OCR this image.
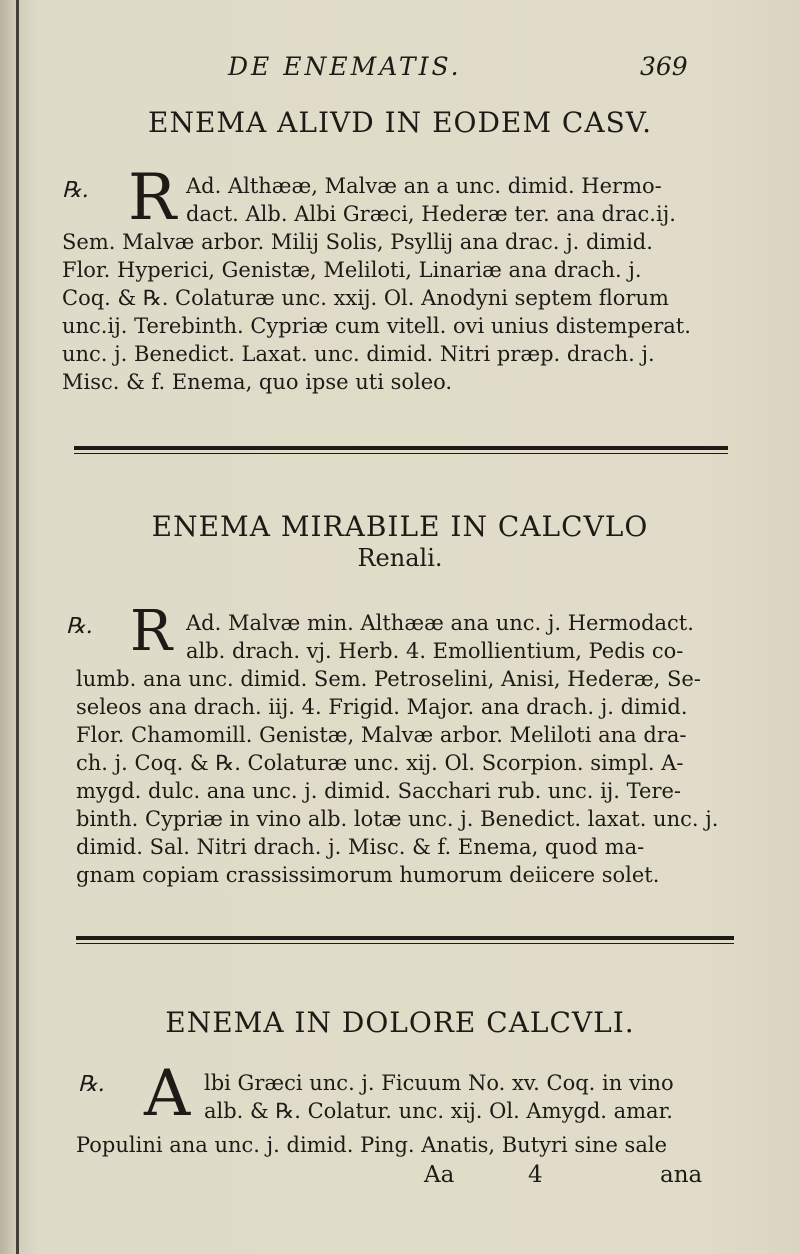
DE ENEMATIS.	369
ENEMA ALIVD IN EODEM CASV.
℞. R Ad. Althææ, Malvæ an a unc. dimid. Hermo-
dact. Alb. Albi Græci, Hederæ ter. ana drac.ij.
Sem. Malvæ arbor. Milij Solis, Psyllij ana drac. j. dimid.
Flor. Hyperici, Genistæ, Meliloti, Linariæ ana drach. j.
Coq. & ℞. Colaturæ unc. xxij. Ol. Anodyni septem florum
unc.ij. Terebinth. Cypriæ cum vitell. ovi unius distemperat.
unc. j. Benedict. Laxat. unc. dimid. Nitri præp. drach. j.
Misc. & f. Enema, quo ipse uti soleo.
ENEMA MIRABILE IN CALCVLO
Renali.
℞. R Ad. Malvæ min. Althææ ana unc. j. Hermodact.
alb. drach. vj. Herb. 4. Emollientium, Pedis co-
lumb. ana unc. dimid. Sem. Petroselini, Anisi, Hederæ, Se-
seleos ana drach. iij. 4. Frigid. Major. ana drach. j. dimid.
Flor. Chamomill. Genistæ, Malvæ arbor. Meliloti ana dra-
ch. j. Coq. & ℞. Colaturæ unc. xij. Ol. Scorpion. simpl. A-
mygd. dulc. ana unc. j. dimid. Sacchari rub. unc. ij. Tere-
binth. Cypriæ in vino alb. lotæ unc. j. Benedict. laxat. unc. j.
dimid. Sal. Nitri drach. j. Misc. & f. Enema, quod ma-
gnam copiam crassissimorum humorum deiicere solet.
ENEMA IN DOLORE CALCVLI.
℞. A lbi Græci unc. j. Ficuum No. xv. Coq. in vino
alb. & ℞. Colatur. unc. xij. Ol. Amygd. amar.
Populini ana unc. j. dimid. Ping. Anatis, Butyri sine sale
Aa	4	ana
